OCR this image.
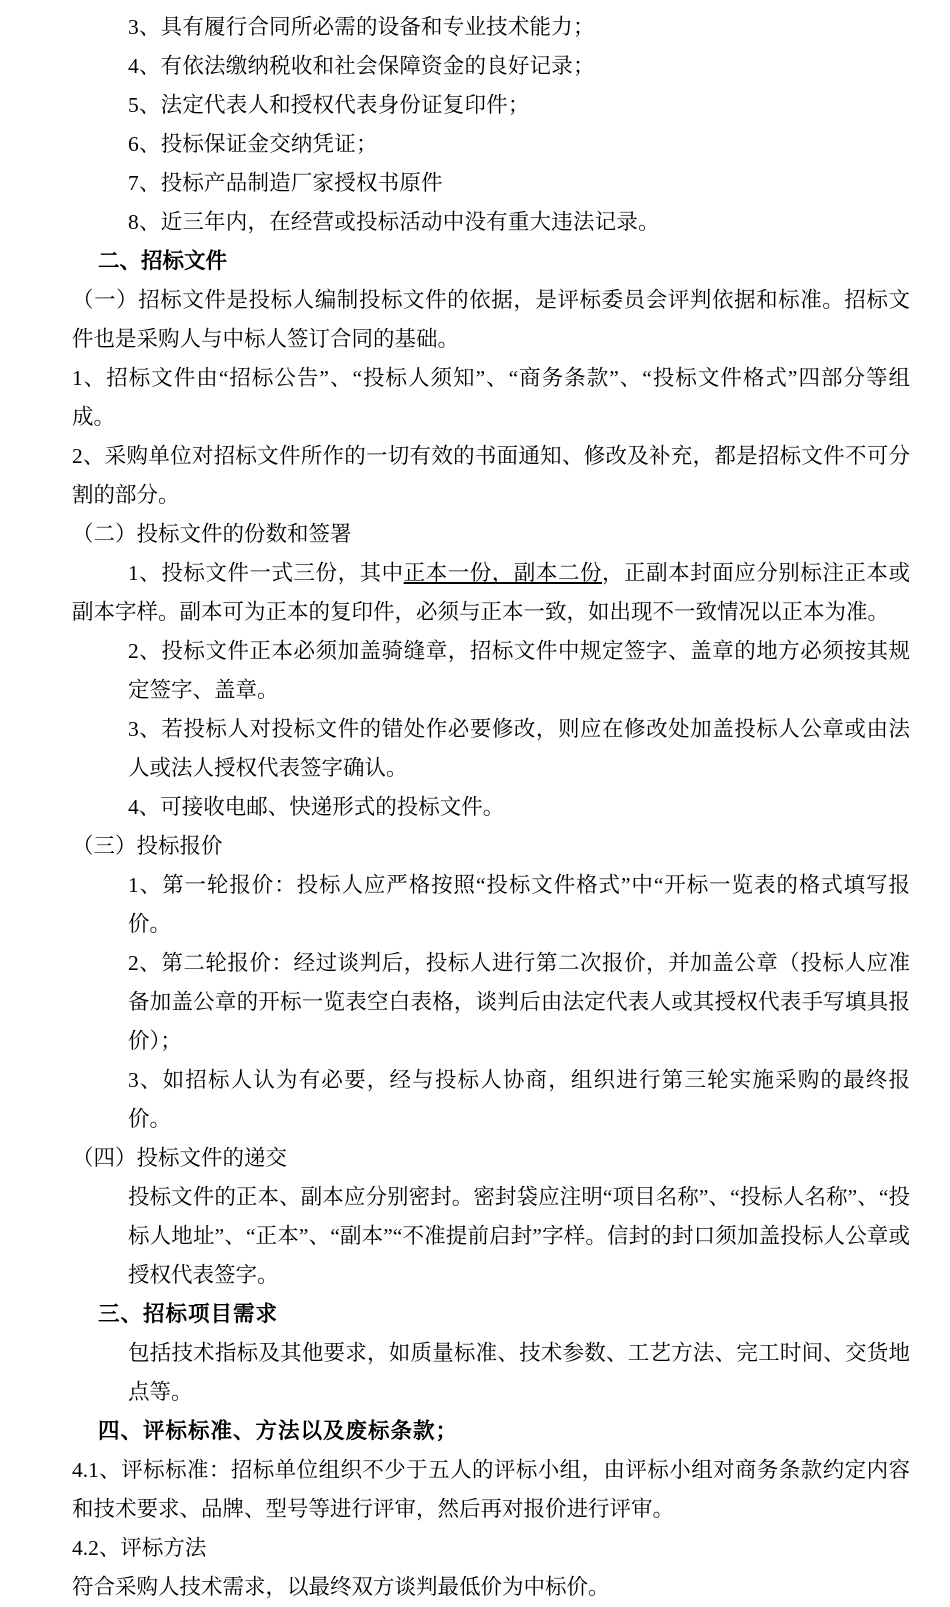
3、具有履行合同所必需的设备和专业技术能力；
4、有依法缴纳税收和社会保障资金的良好记录；
5、法定代表人和授权代表身份证复印件；
6、投标保证金交纳凭证；
7、投标产品制造厂家授权书原件
8、近三年内，在经营或投标活动中没有重大违法记录。
二、招标文件
（一）招标文件是投标人编制投标文件的依据，是评标委员会评判依据和标准。招标文件也是采购人与中标人签订合同的基础。
1、招标文件由“招标公告”、“投标人须知”、“商务条款”、“投标文件格式”四部分等组成。
2、采购单位对招标文件所作的一切有效的书面通知、修改及补充，都是招标文件不可分割的部分。
（二）投标文件的份数和签署
1、投标文件一式三份，其中正本一份，副本二份，正副本封面应分别标注正本或副本字样。副本可为正本的复印件，必须与正本一致，如出现不一致情况以正本为准。
2、投标文件正本必须加盖骑缝章，招标文件中规定签字、盖章的地方必须按其规定签字、盖章。
3、若投标人对投标文件的错处作必要修改，则应在修改处加盖投标人公章或由法人或法人授权代表签字确认。
4、可接收电邮、快递形式的投标文件。
（三）投标报价
1、第一轮报价：投标人应严格按照“投标文件格式”中“开标一览表的格式填写报价。
2、第二轮报价：经过谈判后，投标人进行第二次报价，并加盖公章（投标人应准备加盖公章的开标一览表空白表格，谈判后由法定代表人或其授权代表手写填具报价）；
3、如招标人认为有必要，经与投标人协商，组织进行第三轮实施采购的最终报价。
（四）投标文件的递交
投标文件的正本、副本应分别密封。密封袋应注明“项目名称”、“投标人名称”、“投标人地址”、“正本”、“副本”“不准提前启封”字样。信封的封口须加盖投标人公章或授权代表签字。
三、招标项目需求
包括技术指标及其他要求，如质量标准、技术参数、工艺方法、完工时间、交货地点等。
四、评标标准、方法以及废标条款；
4.1、评标标准：招标单位组织不少于五人的评标小组，由评标小组对商务条款约定内容和技术要求、品牌、型号等进行评审，然后再对报价进行评审。
4.2、评标方法
符合采购人技术需求，以最终双方谈判最低价为中标价。
